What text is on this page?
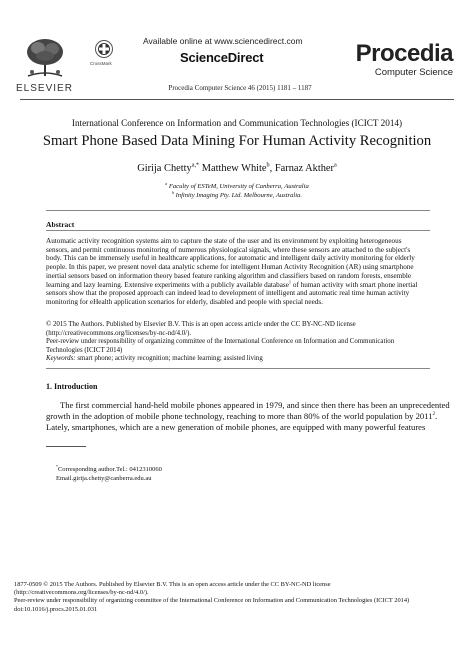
ELSEVIER
CrossMark
Available online at www.sciencedirect.com
ScienceDirect
Procedia Computer Science 46 (2015) 1181 – 1187
Procedia
Computer Science
International Conference on Information and Communication Technologies (ICICT 2014)
Smart Phone Based Data Mining For Human Activity Recognition
Girija Chetty$^{a,*}$ Matthew White$^b$, Farnaz Akther$^a$
$^a$ Faculty of ESTeM, University of Canberra, Australia
$^b$ Infinity Imaging Pty. Ltd. Melbourne, Australia.
Abstract
Automatic activity recognition systems aim to capture the state of the user and its environment by exploiting heterogeneous
sensors, and permit continuous monitoring of numerous physiological signals, where these sensors are attached to the subject's
body. This can be immensely useful in healthcare applications, for automatic and intelligent daily activity monitoring for elderly
people. In this paper, we present novel data analytic scheme for intelligent Human Activity Recognition (AR) using smartphone
inertial sensors based on information theory based feature ranking algorithm and classifiers based on random forests, ensemble
learning and lazy learning. Extensive experiments with a publicly available database$^1$ of human activity with smart phone inertial
sensors show that the proposed approach can indeed lead to development of intelligent and automatic real time human activity
monitoring for eHealth application scenarios for elderly, disabled and people with special needs.
© 2015 The Authors. Published by Elsevier B.V. This is an open access article under the CC BY-NC-ND license
(http://creativecommons.org/licenses/by-nc-nd/4.0/).
Peer-review under responsibility of organizing committee of the International Conference on Information and Communication
Technologies (ICICT 2014)
Keywords: smart phone; activity recognition; machine learning; assisted living
1. Introduction
The first commercial hand-held mobile phones appeared in 1979, and since then there has been an unprecedented
growth in the adoption of mobile phone technology, reaching to more than 80% of the world population by 2011$^2$.
Lately, smartphones, which are a new generation of mobile phones, are equipped with many powerful features
*Corresponding author.Tel.: 0412310060
Email.girija.chetty@canberra.edu.au
1877-0509 © 2015 The Authors. Published by Elsevier B.V. This is an open access article under the CC BY-NC-ND license
(http://creativecommons.org/licenses/by-nc-nd/4.0/).
Peer-review under responsibility of organizing committee of the International Conference on Information and Communication Technologies (ICICT 2014)
doi:10.1016/j.procs.2015.01.031
